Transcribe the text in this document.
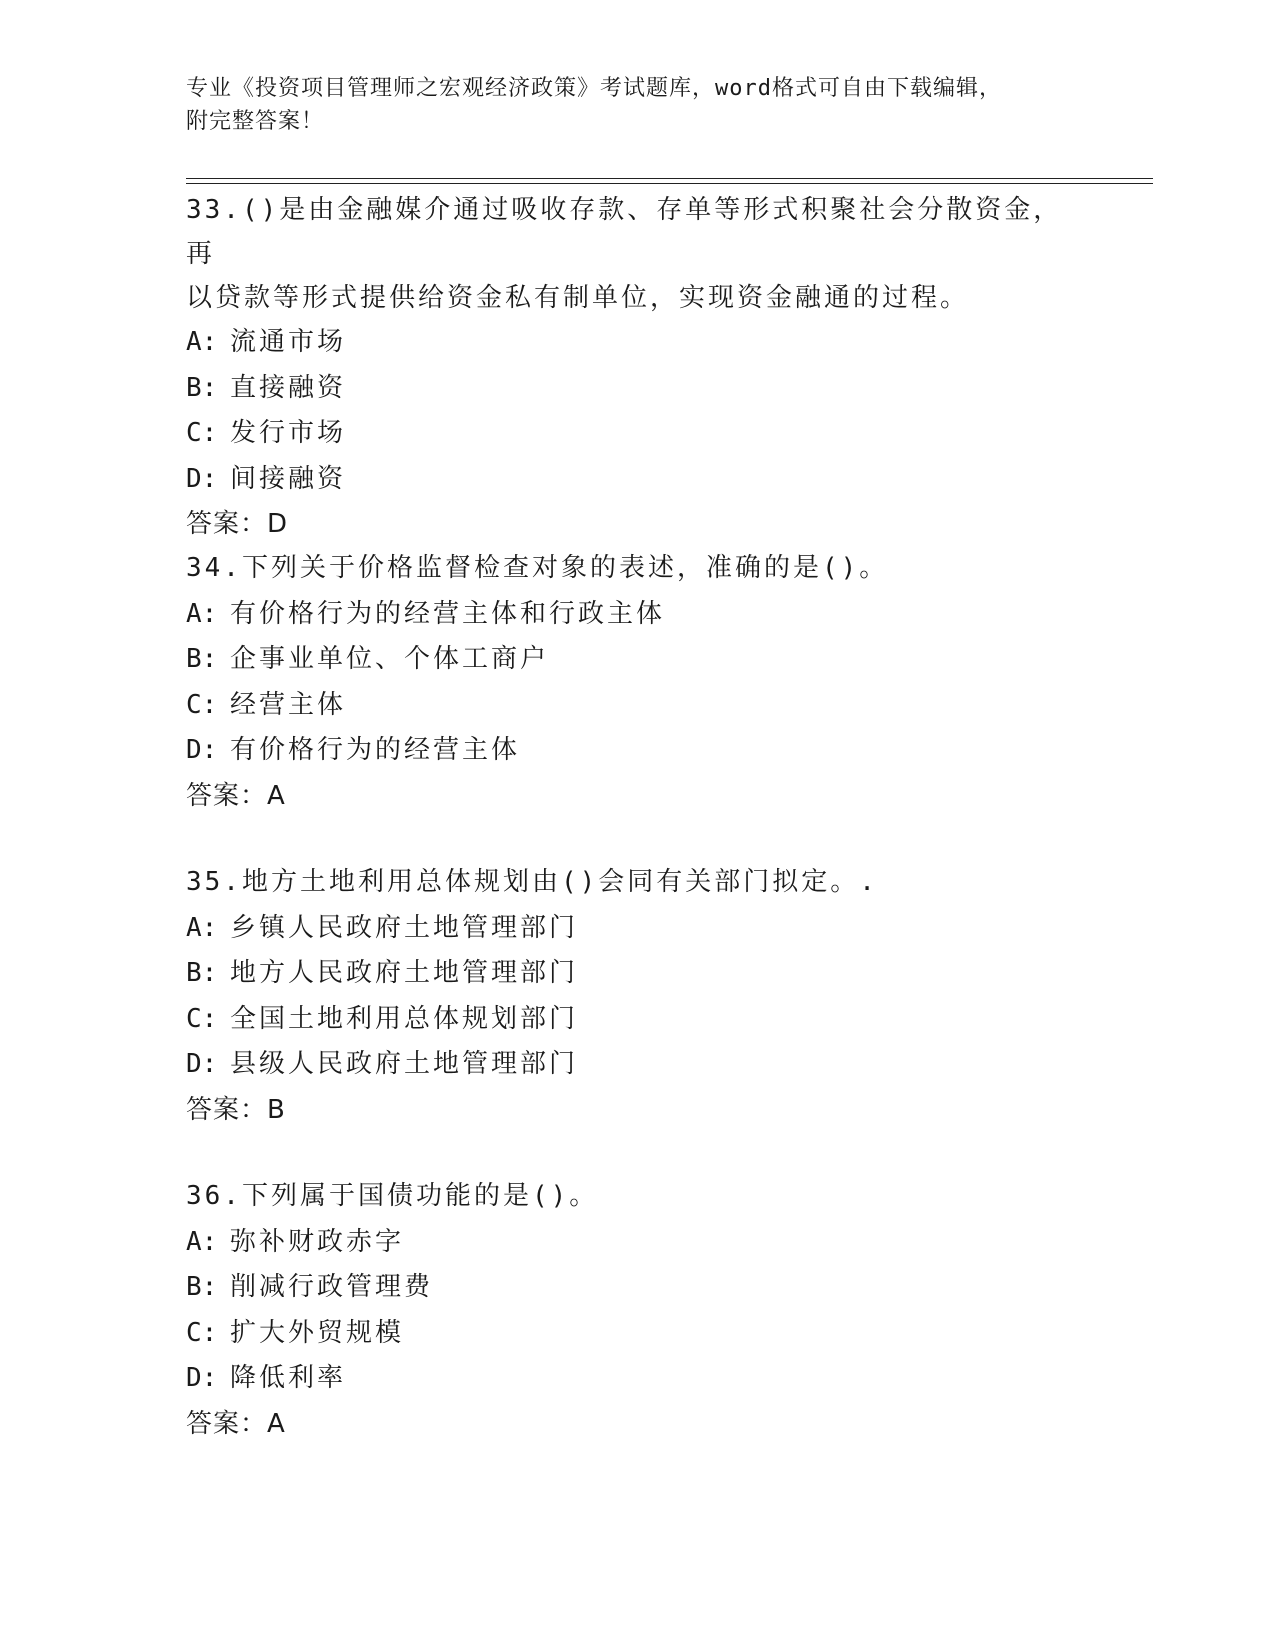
专业《投资项目管理师之宏观经济政策》考试题库，word格式可自由下载编辑，
附完整答案！
33.()是由金融媒介通过吸收存款、存单等形式积聚社会分散资金，再
以贷款等形式提供给资金私有制单位，实现资金融通的过程。
A: 流通市场
B: 直接融资
C: 发行市场
D: 间接融资
答案：D
34.下列关于价格监督检查对象的表述，准确的是()。
A: 有价格行为的经营主体和行政主体
B: 企事业单位、个体工商户
C: 经营主体
D: 有价格行为的经营主体
答案：A
35.地方土地利用总体规划由()会同有关部门拟定。.
A: 乡镇人民政府土地管理部门
B: 地方人民政府土地管理部门
C: 全国土地利用总体规划部门
D: 县级人民政府土地管理部门
答案：B
36.下列属于国债功能的是()。
A: 弥补财政赤字
B: 削减行政管理费
C: 扩大外贸规模
D: 降低利率
答案：A
